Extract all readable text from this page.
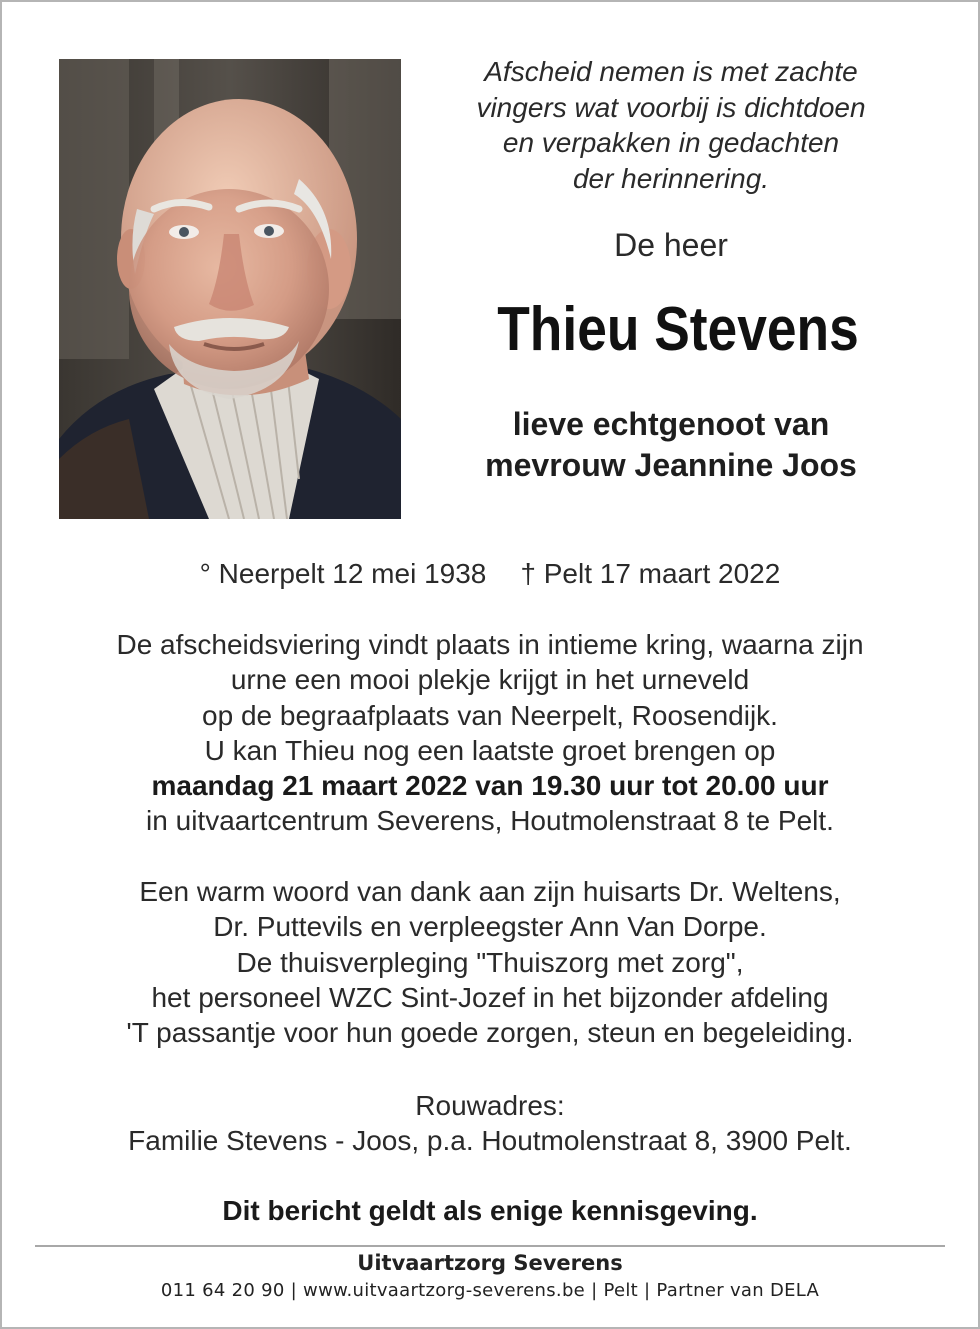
Afscheid nemen is met zachte
vingers wat voorbij is dichtdoen
en verpakken in gedachten
der herinnering.
De heer
Thieu Stevens
lieve echtgenoot van
mevrouw Jeannine Joos
° Neerpelt 12 mei 1938 † Pelt 17 maart 2022
De afscheidsviering vindt plaats in intieme kring, waarna zijn
urne een mooi plekje krijgt in het urneveld
op de begraafplaats van Neerpelt, Roosendijk.
U kan Thieu nog een laatste groet brengen op
maandag 21 maart 2022 van 19.30 uur tot 20.00 uur
in uitvaartcentrum Severens, Houtmolenstraat 8 te Pelt.
Een warm woord van dank aan zijn huisarts Dr. Weltens,
Dr. Puttevils en verpleegster Ann Van Dorpe.
De thuisverpleging "Thuiszorg met zorg",
het personeel WZC Sint-Jozef in het bijzonder afdeling
'T passantje voor hun goede zorgen, steun en begeleiding.
Rouwadres:
Familie Stevens - Joos, p.a. Houtmolenstraat 8, 3900 Pelt.
Dit bericht geldt als enige kennisgeving.
Uitvaartzorg Severens
011 64 20 90 | www.uitvaartzorg-severens.be | Pelt | Partner van DELA
